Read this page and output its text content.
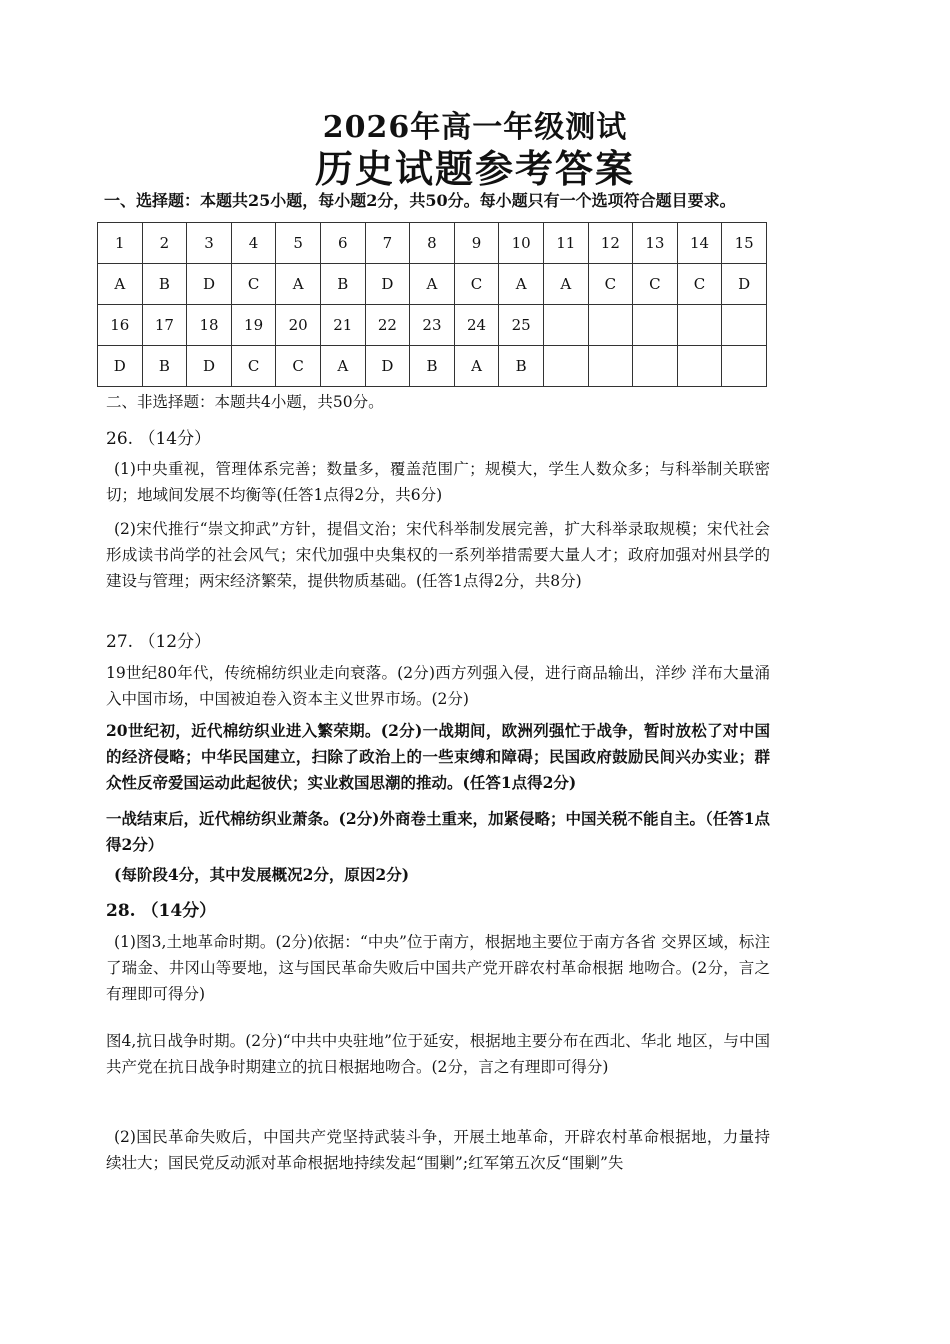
2026年高一年级测试
历史试题参考答案
一、选择题：本题共25小题，每小题2分，共50分。每小题只有一个选项符合题目要求。
1	2	3	4	5	6	7	8	9	10	11	12	13	14	15
A	B	D	C	A	B	D	A	C	A	A	C	C	C	D
16	17	18	19	20	21	22	23	24	25					
D	B	D	C	C	A	D	B	A	B					
二、非选择题：本题共4小题，共50分。
26. （14分）
(1)中央重视，管理体系完善；数量多，覆盖范围广；规模大，学生人数众多；与科举制关联密切；地域间发展不均衡等(任答1点得2分，共6分)
(2)宋代推行“崇文抑武”方针，提倡文治；宋代科举制发展完善，扩大科举录取规模；宋代社会形成读书尚学的社会风气；宋代加强中央集权的一系列举措需要大量人才；政府加强对州县学的建设与管理；两宋经济繁荣，提供物质基础。(任答1点得2分，共8分)
27. （12分）
19世纪80年代，传统棉纺织业走向衰落。(2分)西方列强入侵，进行商品输出，洋纱 洋布大量涌入中国市场，中国被迫卷入资本主义世界市场。(2分)
20世纪初，近代棉纺织业进入繁荣期。(2分)一战期间，欧洲列强忙于战争，暂时放松了对中国的经济侵略；中华民国建立，扫除了政治上的一些束缚和障碍；民国政府鼓励民间兴办实业；群众性反帝爱国运动此起彼伏；实业救国思潮的推动。(任答1点得2分)
一战结束后，近代棉纺织业萧条。(2分)外商卷土重来，加紧侵略；中国关税不能自主。（任答1点得2分）
(每阶段4分，其中发展概况2分，原因2分)
28. （14分）
(1)图3,土地革命时期。(2分)依据：“中央”位于南方，根据地主要位于南方各省 交界区域，标注了瑞金、井冈山等要地，这与国民革命失败后中国共产党开辟农村革命根据 地吻合。(2分，言之有理即可得分)
图4,抗日战争时期。(2分)“中共中央驻地”位于延安，根据地主要分布在西北、华北 地区，与中国共产党在抗日战争时期建立的抗日根据地吻合。(2分，言之有理即可得分)
(2)国民革命失败后，中国共产党坚持武装斗争，开展土地革命，开辟农村革命根据地，力量持续壮大；国民党反动派对革命根据地持续发起“围剿”;红军第五次反“围剿”失
